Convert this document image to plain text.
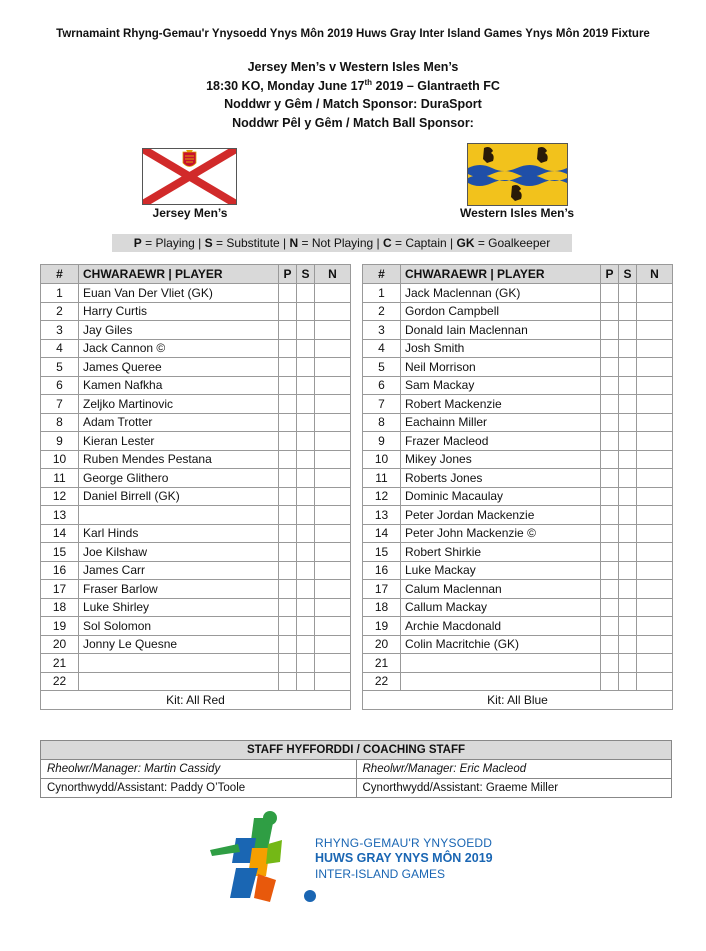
Twrnamaint Rhyng-Gemau'r Ynysoedd Ynys Môn 2019 Huws Gray Inter Island Games Ynys Môn 2019 Fixture
Jersey Men’s v Western Isles Men’s
18:30 KO, Monday June 17th 2019 – Glantraeth FC
Noddwr y Gêm / Match Sponsor: DuraSport
Noddwr Pêl y Gêm / Match Ball Sponsor:
Jersey Men’s	Western Isles Men’s
P = Playing | S = Substitute | N = Not Playing | C = Captain | GK = Goalkeeper
#	CHWARAEWR | PLAYER	P	S	N
1	Euan Van Der Vliet (GK)			
2	Harry Curtis			
3	Jay Giles			
4	Jack Cannon ©			
5	James Queree			
6	Kamen Nafkha			
7	Zeljko Martinovic			
8	Adam Trotter			
9	Kieran Lester			
10	Ruben Mendes Pestana			
11	George Glithero			
12	Daniel Birrell (GK)			
13				
14	Karl Hinds			
15	Joe Kilshaw			
16	James Carr			
17	Fraser Barlow			
18	Luke Shirley			
19	Sol Solomon			
20	Jonny Le Quesne			
21				
22				
Kit: All Red				
#	CHWARAEWR | PLAYER	P	S	N
1	Jack Maclennan (GK)			
2	Gordon Campbell			
3	Donald Iain Maclennan			
4	Josh Smith			
5	Neil Morrison			
6	Sam Mackay			
7	Robert Mackenzie			
8	Eachainn Miller			
9	Frazer Macleod			
10	Mikey Jones			
11	Roberts Jones			
12	Dominic Macaulay			
13	Peter Jordan Mackenzie			
14	Peter John Mackenzie ©			
15	Robert Shirkie			
16	Luke Mackay			
17	Calum Maclennan			
18	Callum Mackay			
19	Archie Macdonald			
20	Colin Macritchie (GK)			
21				
22				
Kit: All Blue				
STAFF HYFFORDDI / COACHING STAFF	
Rheolwr/Manager: Martin Cassidy	Rheolwr/Manager: Eric Macleod
Cynorthwydd/Assistant: Paddy O’Toole	Cynorthwydd/Assistant: Graeme Miller
RHYNG-GEMAU'R YNYSOEDD
HUWS GRAY YNYS MÔN 2019
INTER-ISLAND GAMES
